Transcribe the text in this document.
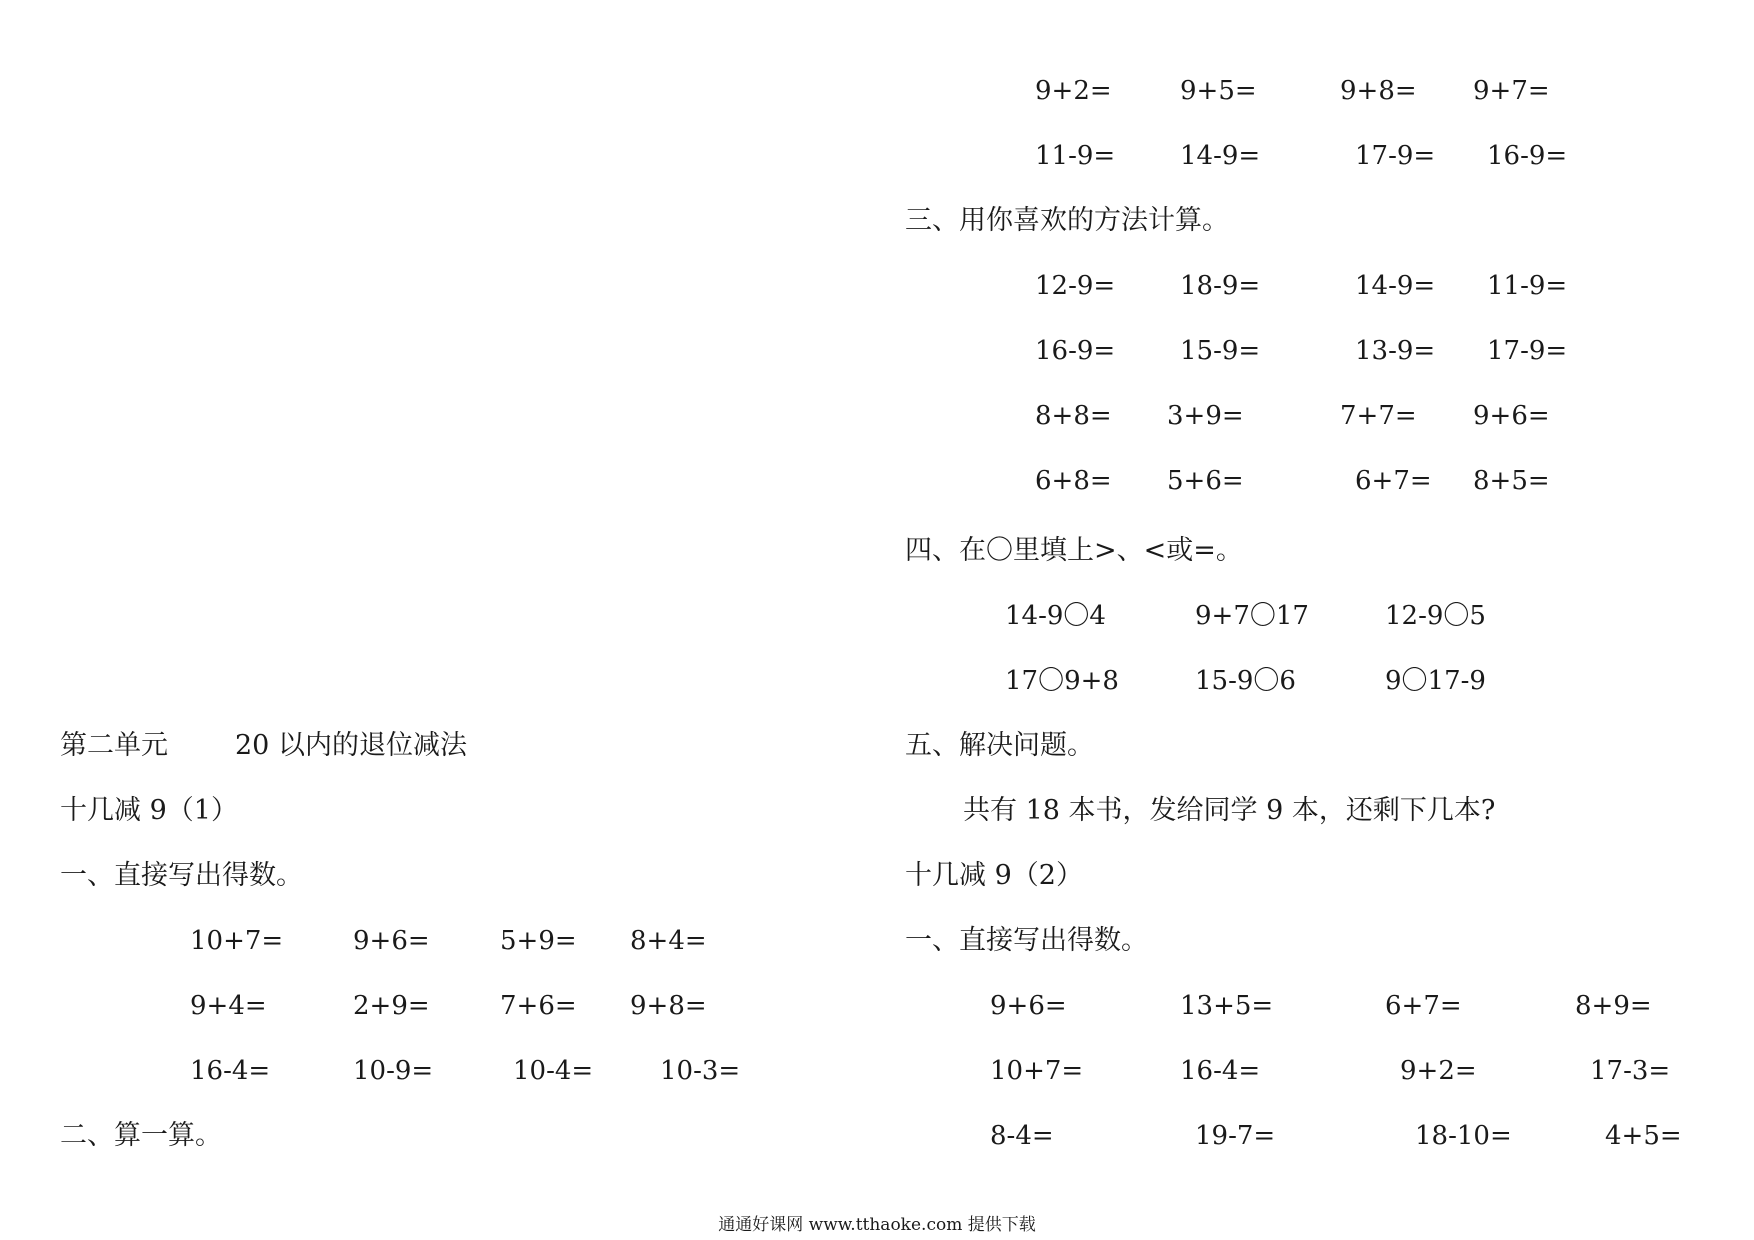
第二单元 20 以内的退位减法
十几减 9（1）
一、直接写出得数。
10+7=	9+6=	5+9= 8+4=
9+4=	2+9=	7+6= 9+8=
16-4=	10-9=	10-4=	10-3=
二、算一算。
9+2=	9+5=	9+8= 9+7=
11-9= 14-9=	17-9= 16-9=
三、用你喜欢的方法计算。
12-9= 18-9=	14-9= 11-9=
16-9= 15-9=	13-9= 17-9=
8+8= 3+9=	7+7= 9+6=
6+8= 5+6=	6+7= 8+5=
四、在〇里填上>、<或=。
14-9〇4	9+7〇17	12-9〇5
17〇9+8	15-9〇6	9〇17-9
五、解决问题。
共有 18 本书，发给同学 9 本，还剩下几本?
十几减 9（2）
一、直接写出得数。
9+6=	13+5=	6+7=	8+9=
10+7=	16-4=	9+2=	17-3=
8-4=	19-7=	18-10=	4+5=
通通好课网 www.tthaoke.com 提供下载
